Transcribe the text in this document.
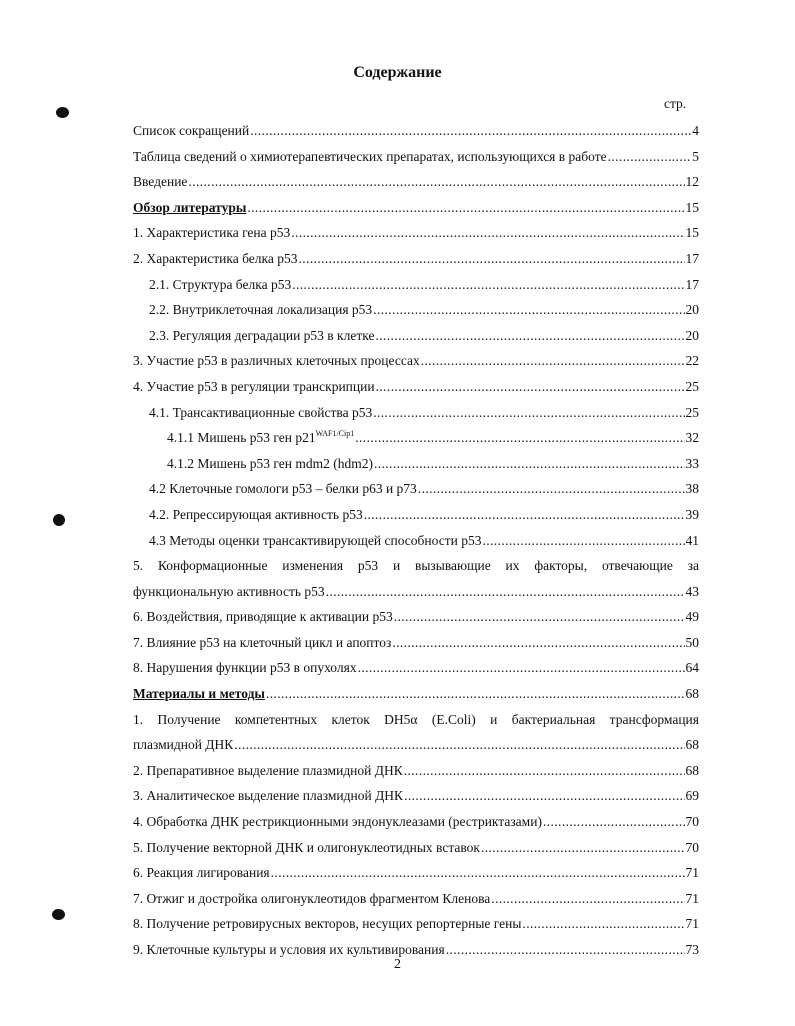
Содержание
стр.
Список сокращений .....	4
Таблица сведений о химиотерапевтических препаратах, использующихся в работе .....	5
Введение .....	12
Обзор литературы .....	15
1. Характеристика гена p53 .....	15
2. Характеристика белка p53 .....	17
2.1. Структура белка p53 .....	17
2.2. Внутриклеточная локализация p53 .....	20
2.3. Регуляция деградации p53 в клетке .....	20
3. Участие p53 в различных клеточных процессах .....	22
4. Участие p53 в регуляции транскрипции .....	25
4.1. Трансактивационные свойства p53 .....	25
4.1.1 Мишень p53 ген $p21^{WAF1/Cip1}$ .....	32
4.1.2 Мишень p53 ген mdm2 (hdm2) .....	33
4.2 Клеточные гомологи p53 – белки p63 и p73 .....	38
4.2. Репрессирующая активность p53 .....	39
4.3 Методы оценки трансактивирующей способности p53 .....	41
5. Конформационные изменения p53 и вызывающие их факторы, отвечающие за
функциональную активность p53 .....	43
6. Воздействия, приводящие к активации p53 .....	49
7. Влияние p53 на клеточный цикл и апоптоз .....	50
8. Нарушения функции p53 в опухолях .....	64
Материалы и методы .....	68
1. Получение компетентных клеток DH5α (E.Coli) и бактериальная трансформация
плазмидной ДНК .....	68
2. Препаративное выделение плазмидной ДНК .....	68
3. Аналитическое выделение плазмидной ДНК .....	69
4. Обработка ДНК рестрикционными эндонуклеазами (рестриктазами) .....	70
5. Получение векторной ДНК и олигонуклеотидных вставок .....	70
6. Реакция лигирования .....	71
7. Отжиг и достройка олигонуклеотидов фрагментом Кленова .....	71
8. Получение ретровирусных векторов, несущих репортерные гены .....	71
9. Клеточные культуры и условия их культивирования .....	73
2
